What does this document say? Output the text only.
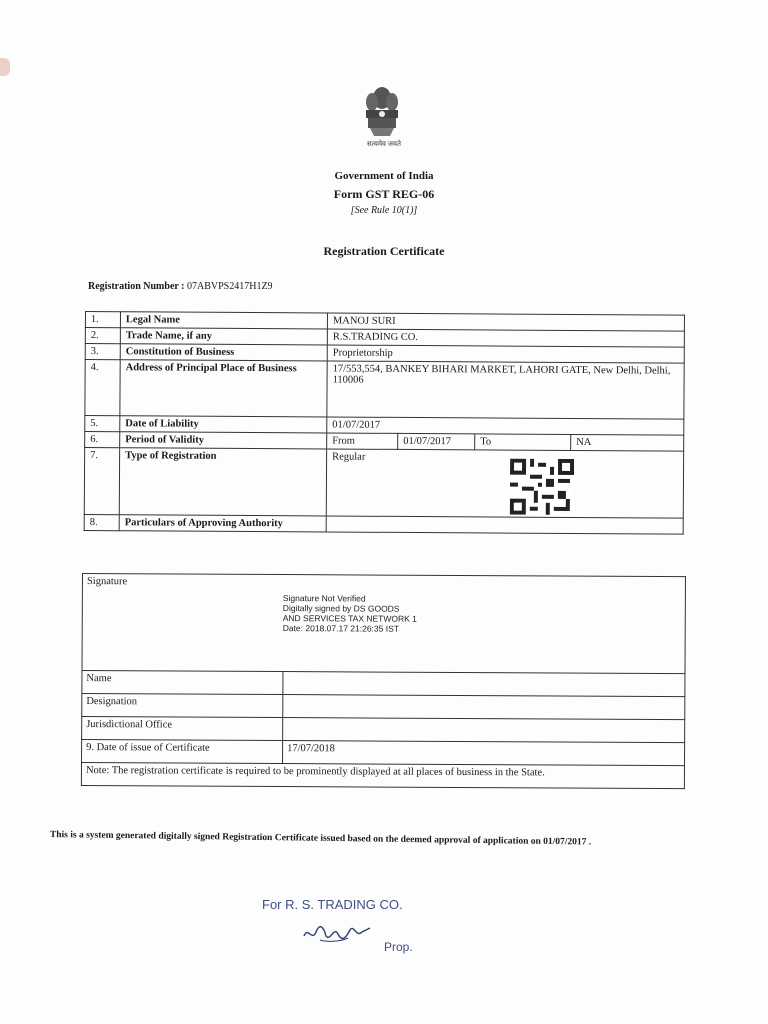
सत्यमेव जयते
Government of India
Form GST REG-06
[See Rule 10(1)]
Registration Certificate
Registration Number : 07ABVPS2417H1Z9
1.	Legal Name	MANOJ SURI			
2.	Trade Name, if any	R.S.TRADING CO.			
3.	Constitution of Business	Proprietorship			
4.	Address of Principal Place of Business	17/553,554, BANKEY BIHARI MARKET, LAHORI GATE, New Delhi, Delhi, 110006			
5.	Date of Liability	01/07/2017			
6.	Period of Validity	From	01/07/2017	To	NA
7.	Type of Registration	Regular			
8.	Particulars of Approving Authority				
Signature
Signature Not Verified
Digitally signed by DS GOODS
AND SERVICES TAX NETWORK 1
Date: 2018.07.17 21:26:35 IST	

Name	
Designation	
Jurisdictional Office	
9. Date of issue of Certificate	17/07/2018
Note: The registration certificate is required to be prominently displayed at all places of business in the State.	
This is a system generated digitally signed Registration Certificate issued based on the deemed approval of application on 01/07/2017 .
For R. S. TRADING CO.
Prop.
